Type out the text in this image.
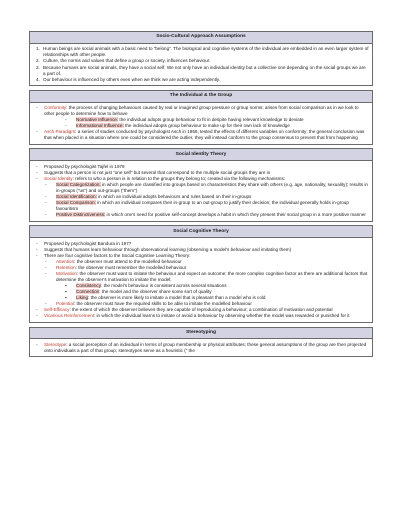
Socio-Cultural Approach Assumptions
1. Human beings are social animals with a basic need to “belong”. The biological and cognitive systems of the individual are embedded in an even larger system of relationships with other people.
2. Culture, the norms and values that define a group or society, influences behaviour.
3. Because humans are social animals, they have a social self. We not only have an individual identity but a collective one depending on the social groups we are a part of.
4. Our behaviour is influenced by others even when we think we are acting independently.
The Individual & the Group
-	Conformity: the process of changing behaviours caused by real or imagined group pressure or group norms; arises from social comparison as in we look to other people to determine how to behave
-	Normative Influence: the individual adopts group behaviour to fit in despite having relevant knowledge to deviate
-	Informational Influence: the individual adopts group behaviour to make up for their own lack of knowledge
-	Asch Paradigm: a series of studies conducted by psychologist Asch in 1956; tested the effects of different variables on conformity; the general conclusion was that when placed in a situation where one could be considered the outlier, they will instead conform to the group consensus to prevent that from happening
Social Identity Theory
-	Proposed by psychologist Tajfel in 1979
-	Suggests that a person is not just “one self” but several that correspond to the multiple social groups they are in
-	Social Identity: refers to who a person is in relation to the groups they belong to; created via the following mechanisms:
-	Social Categorization: in which people are classified into groups based on characteristics they share with others (e.g. age, nationality, sexuality); results in in-groups (“us”) and out-groups (“them”)
-	Social Identification: in which an individual adopts behaviours and rules based on their in-groups
-	Social Comparison: in which an individual compares their in-group to an out-group to justify their decision; the individual generally holds in-group favouritism
-	Positive Distinctiveness: in which one’s need for positive self-concept develops a habit in which they present their social group in a more positive manner
Social Cognitive Theory
-	Proposed by psychologist Bandura in 1977
-	Suggests that humans learn behaviour through observational learning (observing a model’s behaviour and imitating them)
-	There are four cognitive factors to the Social Cognitive Learning Theory:
-	Attention: the observer must attend to the modelled behaviour
-	Retention: the observer must remember the modelled behaviour
-	Motivation: the observer must want to imitate the behaviour and expect an outcome; the more complex cognitive factor as there are additional factors that determine the observer’s motivation to imitate the model;
▪	Consistency: the model’s behaviour is consistent across several situations
▪	Connection: the model and the observer share some sort of quality
▪	Liking: the observer is more likely to imitate a model that is pleasant than a model who is cold
-	Potential: the observer must have the required skills to be able to imitate the modelled behaviour
-	Self-Efficacy: the extent of which the observer believes they are capable of reproducing a behaviour; a combination of motivation and potential
-	Vicarious Reinforcement: in which the individual learns to imitate or avoid a behaviour by observing whether the model was rewarded or punished for it
Stereotyping
-	Stereotype: a social perception of an individual in terms of group membership or physical attributes; these general assumptions of the group are then projected onto individuals a part of that group; stereotypes serve as a heuristic (” the
